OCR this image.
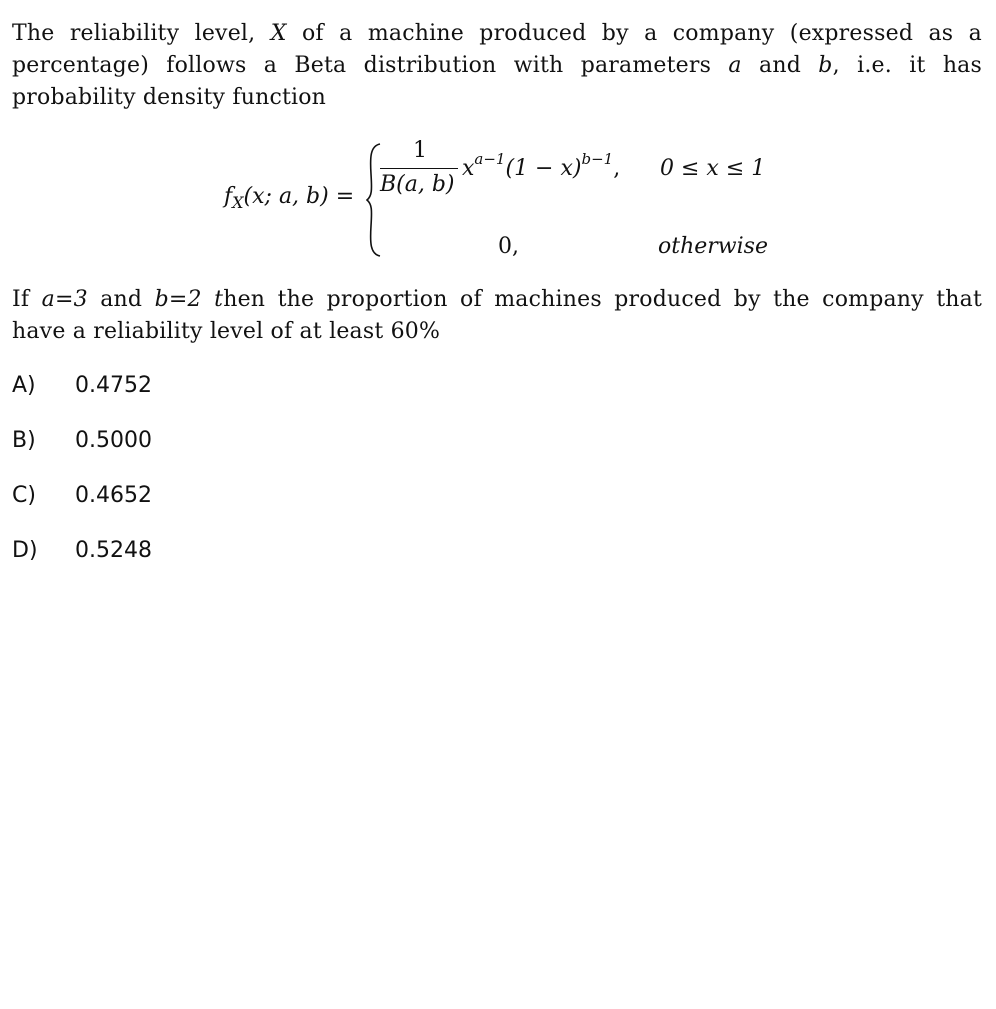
The reliability level, X of a machine produced by a company (expressed as a
percentage) follows a Beta distribution with parameters a and b, i.e. it has
probability density function
$f_X(x$; a, b) =
1
B(a, b)
$x^{a-1}(1 - x)^{b-1}$, 0 ≤ x ≤ 1
0,	otherwise
If a=3 and b=2 then the proportion of machines produced by the company that
have a reliability level of at least 60%
A) 0.4752
B) 0.5000
C) 0.4652
D) 0.5248
